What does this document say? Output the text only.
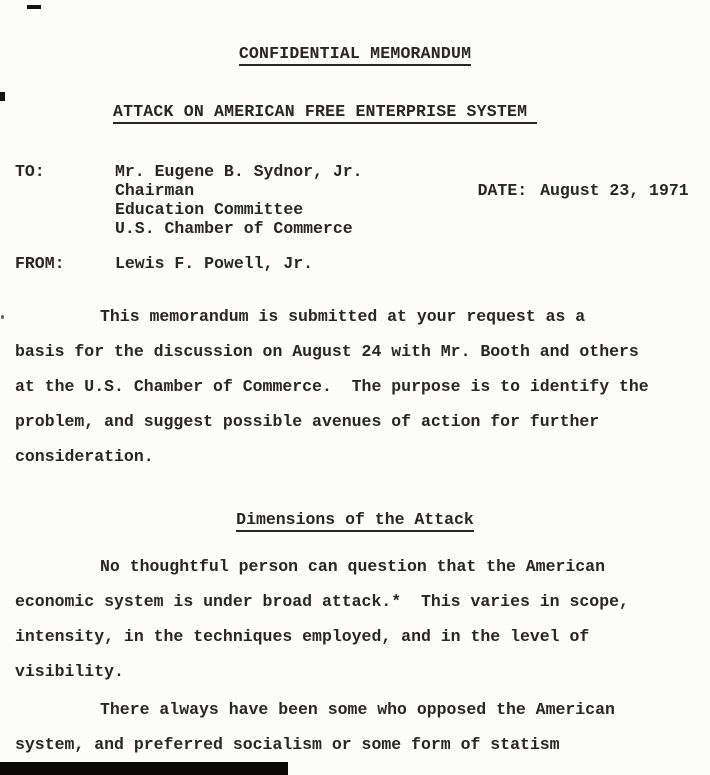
CONFIDENTIAL MEMORANDUM
ATTACK ON AMERICAN FREE ENTERPRISE SYSTEM
TO:	Mr. Eugene B. Sydnor, Jr.
Chairman
Education Committee
U.S. Chamber of Commerce

DATE: August 23, 1971

FROM:	Lewis F. Powell, Jr.
This memorandum is submitted at your request as a
basis for the discussion on August 24 with Mr. Booth and others
at the U.S. Chamber of Commerce.  The purpose is to identify the
problem, and suggest possible avenues of action for further
consideration.
Dimensions of the Attack
No thoughtful person can question that the American
economic system is under broad attack.*  This varies in scope,
intensity, in the techniques employed, and in the level of
visibility.
There always have been some who opposed the American
system, and preferred socialism or some form of statism
